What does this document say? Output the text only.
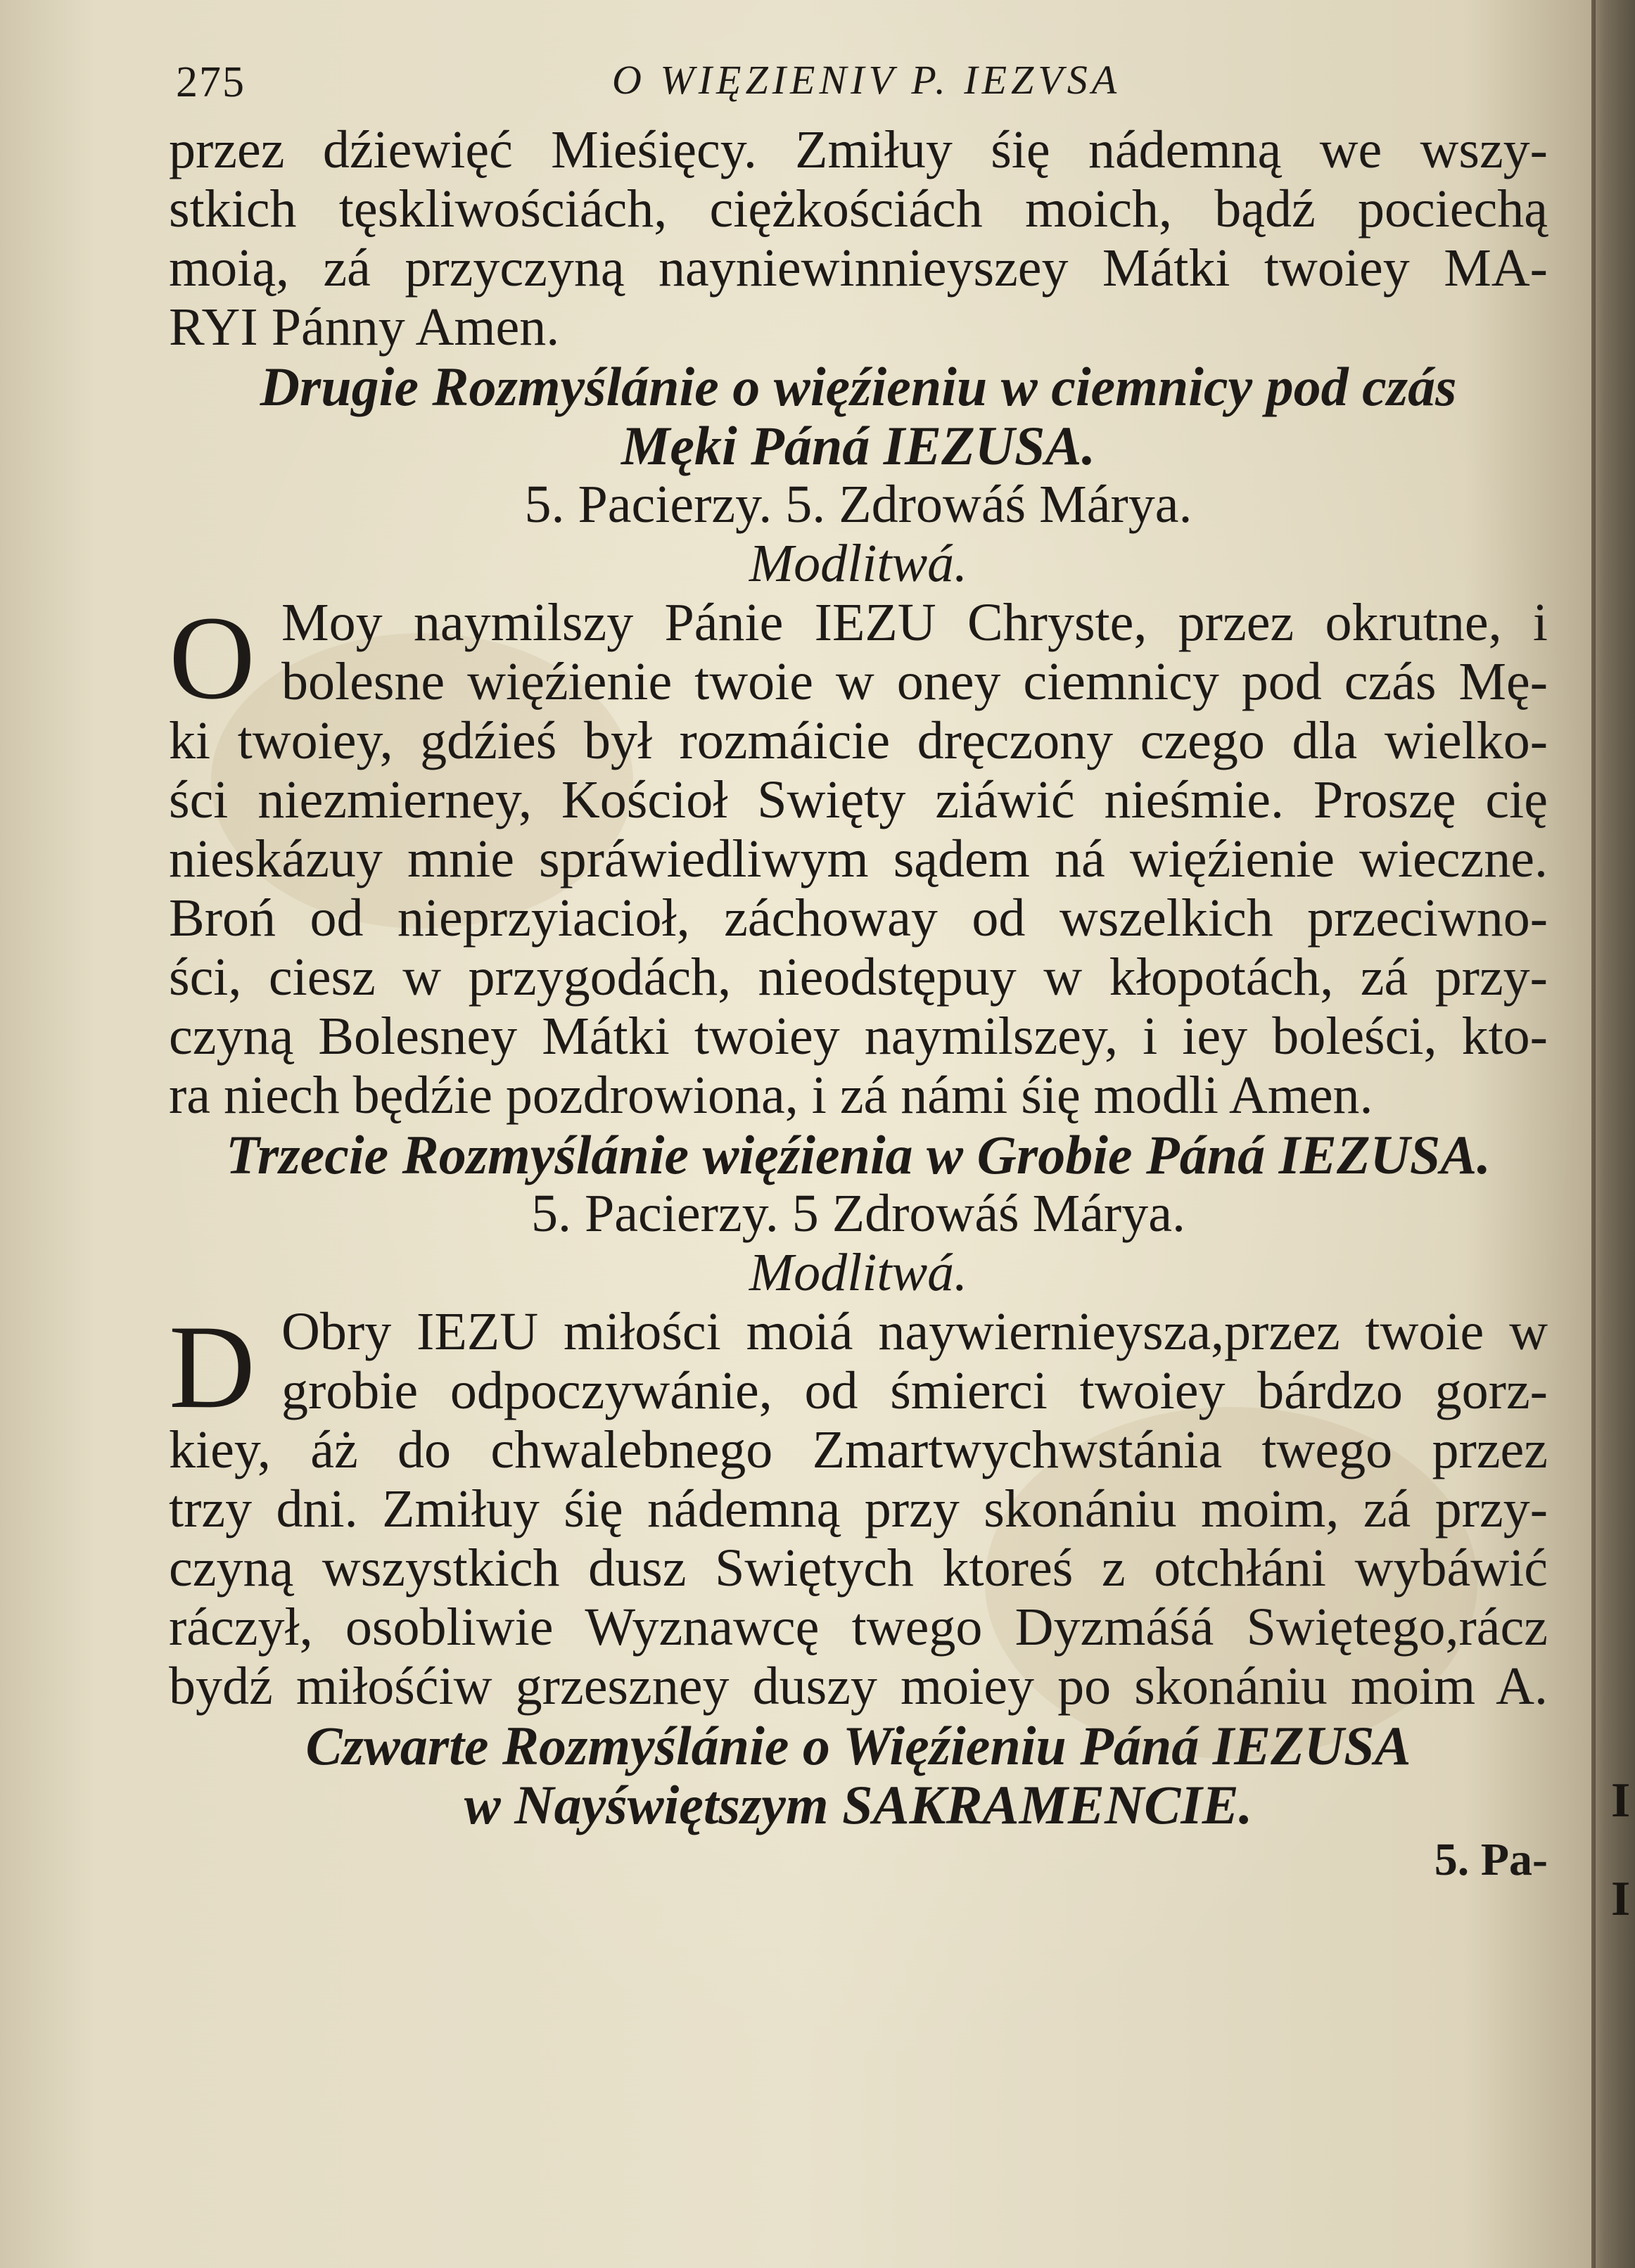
275	O WIĘZIENIV P. IEZVSA
przez dźiewięć Mieśięcy. Zmiłuy śię nádemną we wszy-
stkich tęskliwościách, ciężkościách moich, bądź pociechą
moią, zá przyczyną nayniewinnieyszey Mátki twoiey MA-
RYI Pánny Amen.
Drugie Rozmyślánie o więźieniu w ciemnicy pod czás
Męki Páná IEZUSA.
5. Pacierzy. 5. Zdrowáś Márya.
Modlitwá.
O Moy naymilszy Pánie IEZU Chryste, przez okrutne, i
bolesne więźienie twoie w oney ciemnicy pod czás Mę-
ki twoiey, gdźieś był rozmáicie dręczony czego dla wielko-
ści niezmierney, Kościoł Swięty ziáwić nieśmie. Proszę cię
nieskázuy mnie spráwiedliwym sądem ná więźienie wieczne.
Broń od nieprzyiacioł, záchoway od wszelkich przeciwno-
ści, ciesz w przygodách, nieodstępuy w kłopotách, zá przy-
czyną Bolesney Mátki twoiey naymilszey, i iey boleści, kto-
ra niech będźie pozdrowiona, i zá námi śię modli Amen.
Trzecie Rozmyślánie więźienia w Grobie Páná IEZUSA.
5. Pacierzy. 5 Zdrowáś Márya.
Modlitwá.
D Obry IEZU miłości moiá naywiernieysza,przez twoie w
grobie odpoczywánie, od śmierci twoiey bárdzo gorz-
kiey, áż do chwalebnego Zmartwychwstánia twego przez
trzy dni. Zmiłuy śię nádemną przy skonániu moim, zá przy-
czyną wszystkich dusz Swiętych ktoreś z otchłáni wybáwić
ráczył, osobliwie Wyznawcę twego Dyzmáśá Swiętego,rácz
bydź miłośćiw grzeszney duszy moiey po skonániu moim A.
Czwarte Rozmyślánie o Więźieniu Páná IEZUSA
w Nayświętszym SAKRAMENCIE.
5. Pa-
I
I
